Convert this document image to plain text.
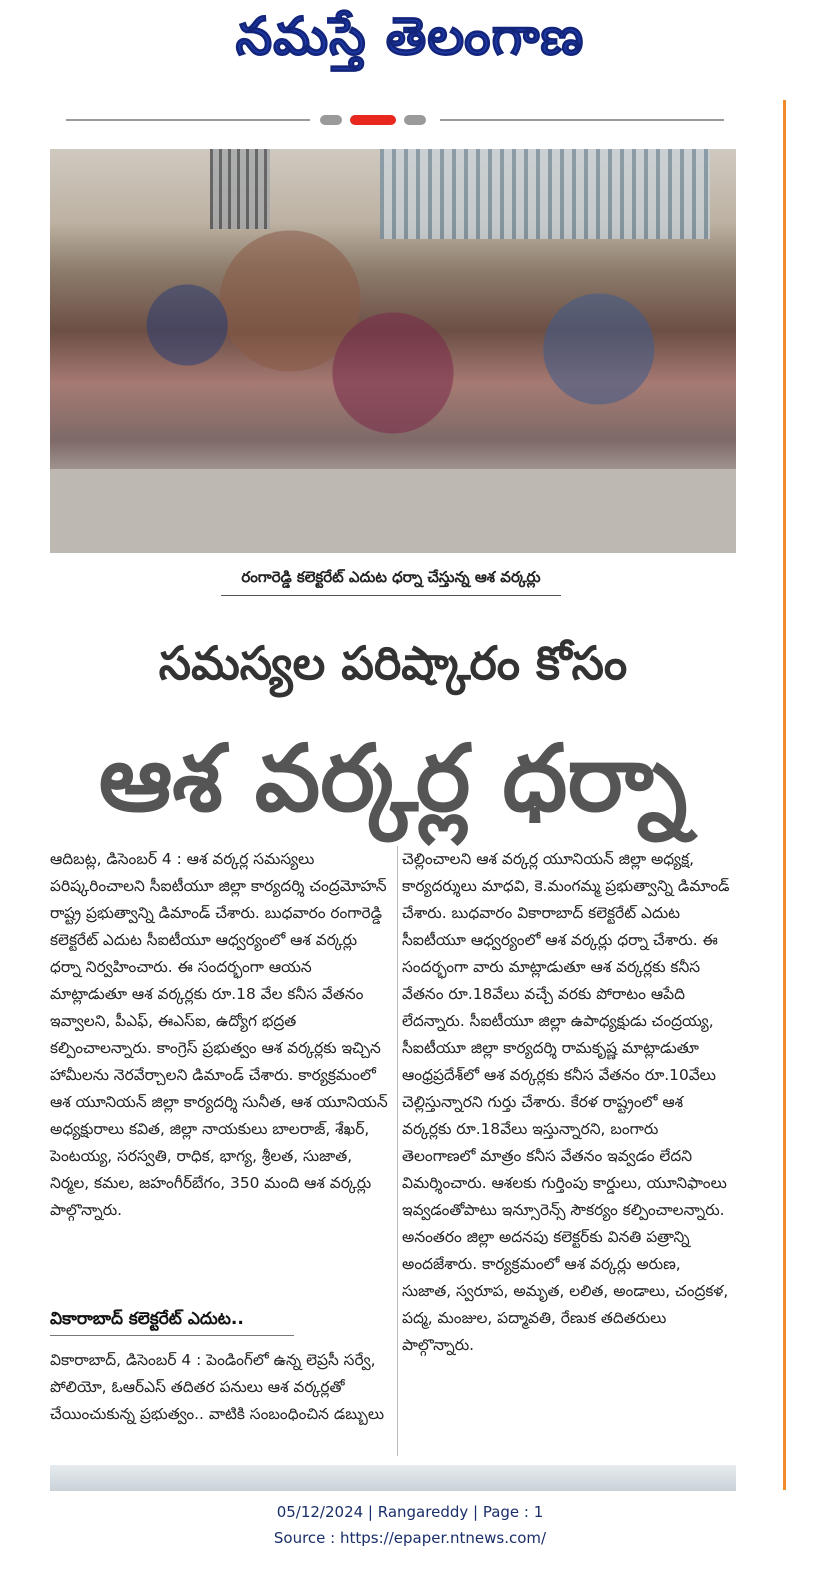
నమస్తే తెలంగాణ
రంగారెడ్డి కలెక్టరేట్ ఎదుట ధర్నా చేస్తున్న ఆశ వర్కర్లు
సమస్యల పరిష్కారం కోసం
ఆశ వర్కర్ల ధర్నా

ఆదిబట్ల, డిసెంబర్ 4 : ఆశ వర్కర్ల సమస్యలు పరిష్కరించాలని సీఐటీయూ జిల్లా కార్యదర్శి చంద్రమోహన్ రాష్ట్ర ప్రభుత్వాన్ని డిమాండ్ చేశారు. బుధవారం రంగారెడ్డి కలెక్టరేట్ ఎదుట సీఐటీయూ ఆధ్వర్యంలో ఆశ వర్కర్లు ధర్నా నిర్వహించారు. ఈ సందర్భంగా ఆయన మాట్లాడుతూ ఆశ వర్కర్లకు రూ.18 వేల కనీస వేతనం ఇవ్వాలని, పీఎఫ్, ఈఎస్ఐ, ఉద్యోగ భద్రత కల్పించాలన్నారు. కాంగ్రెస్ ప్రభుత్వం ఆశ వర్కర్లకు ఇచ్చిన హామీలను నెరవేర్చాలని డిమాండ్ చేశారు. కార్యక్రమంలో ఆశ యూనియన్ జిల్లా కార్యదర్శి సునీత, ఆశ యూనియన్ అధ్యక్షురాలు కవిత, జిల్లా నాయకులు బాలరాజ్, శేఖర్, పెంటయ్య, సరస్వతి, రాధిక, భాగ్య, శ్రీలత, సుజాత, నిర్మల, కమల, జహంగీర్‌బేగం, 350 మంది ఆశ వర్కర్లు పాల్గొన్నారు.

వికారాబాద్ కలెక్టరేట్ ఎదుట..

వికారాబాద్, డిసెంబర్ 4 : పెండింగ్‌లో ఉన్న లెప్రసీ సర్వే, పోలియో, ఓఆర్ఎస్ తదితర పనులు ఆశ వర్కర్లతో చేయించుకున్న ప్రభుత్వం.. వాటికి సంబంధించిన డబ్బులు

చెల్లించాలని ఆశ వర్కర్ల యూనియన్ జిల్లా అధ్యక్ష, కార్యదర్శులు మాధవి, కె.మంగమ్మ ప్రభుత్వాన్ని డిమాండ్ చేశారు. బుధవారం వికారాబాద్ కలెక్టరేట్ ఎదుట సీఐటీయూ ఆధ్వర్యంలో ఆశ వర్కర్లు ధర్నా చేశారు. ఈ సందర్భంగా వారు మాట్లాడుతూ ఆశ వర్కర్లకు కనీస వేతనం రూ.18వేలు వచ్చే వరకు పోరాటం ఆపేది లేదన్నారు. సీఐటీయూ జిల్లా ఉపాధ్యక్షుడు చంద్రయ్య, సీఐటీయూ జిల్లా కార్యదర్శి రామకృష్ణ మాట్లాడుతూ ఆంధ్రప్రదేశ్‌లో ఆశ వర్కర్లకు కనీస వేతనం రూ.10వేలు చెల్లిస్తున్నారని గుర్తు చేశారు. కేరళ రాష్ట్రంలో ఆశ వర్కర్లకు రూ.18వేలు ఇస్తున్నారని, బంగారు తెలంగాణలో మాత్రం కనీస వేతనం ఇవ్వడం లేదని విమర్శించారు. ఆశలకు గుర్తింపు కార్డులు, యూనిఫాంలు ఇవ్వడంతోపాటు ఇన్సూరెన్స్ సౌకర్యం కల్పించాలన్నారు. అనంతరం జిల్లా అదనపు కలెక్టర్‌కు వినతి పత్రాన్ని అందజేశారు. కార్యక్రమంలో ఆశ వర్కర్లు అరుణ, సుజాత, స్వరూప, అమృత, లలిత, అండాలు, చంద్రకళ, పద్మ, మంజుల, పద్మావతి, రేణుక తదితరులు పాల్గొన్నారు.

05/12/2024 | Rangareddy | Page : 1
Source : https://epaper.ntnews.com/
